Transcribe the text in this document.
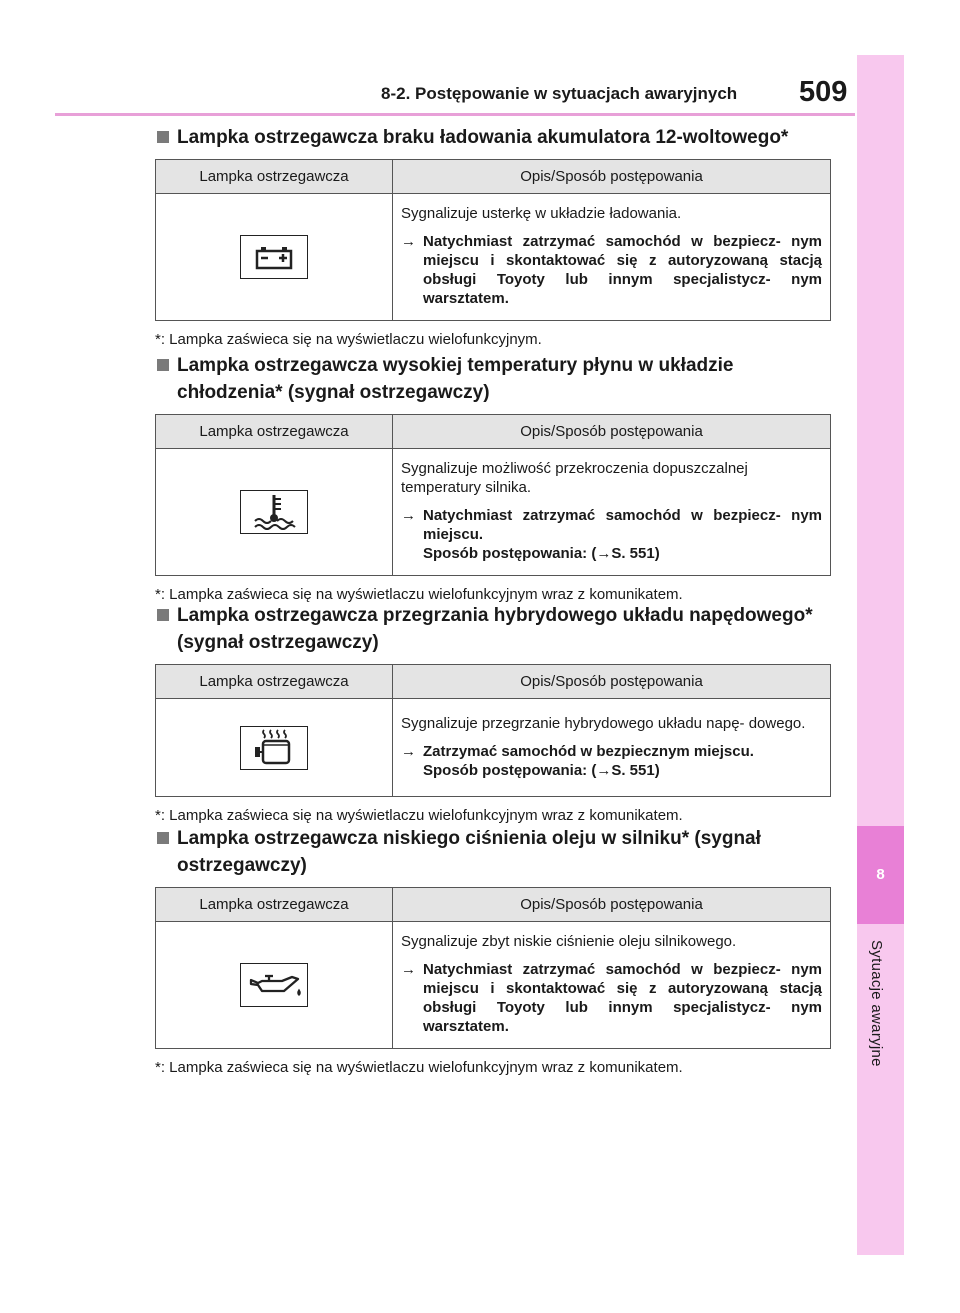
8-2. Postępowanie w sytuacjach awaryjnych 509
8
Sytuacje awaryjne
Lampka ostrzegawcza braku ładowania akumulatora 12-woltowego*
Lampka ostrzegawcza	Opis/Sposób postępowania

Sygnalizuje usterkę w układzie ładowania.
→ Natychmiast zatrzymać samochód w bezpiecz- nym miejscu i skontaktować się z autoryzowaną stacją obsługi Toyoty lub innym specjalistycz- nym warsztatem.
*: Lampka zaświeca się na wyświetlaczu wielofunkcyjnym.
Lampka ostrzegawcza wysokiej temperatury płynu w układzie chłodzenia* (sygnał ostrzegawczy)
Lampka ostrzegawcza	Opis/Sposób postępowania

Sygnalizuje możliwość przekroczenia dopuszczalnej temperatury silnika.
→ Natychmiast zatrzymać samochód w bezpiecz- nym miejscu.
Sposób postępowania: (→S. 551)
*: Lampka zaświeca się na wyświetlaczu wielofunkcyjnym wraz z komunikatem.
Lampka ostrzegawcza przegrzania hybrydowego układu napędowego* (sygnał ostrzegawczy)
Lampka ostrzegawcza	Opis/Sposób postępowania

Sygnalizuje przegrzanie hybrydowego układu napę- dowego.
→ Zatrzymać samochód w bezpiecznym miejscu.
Sposób postępowania: (→S. 551)
*: Lampka zaświeca się na wyświetlaczu wielofunkcyjnym wraz z komunikatem.
Lampka ostrzegawcza niskiego ciśnienia oleju w silniku* (sygnał ostrzegawczy)
Lampka ostrzegawcza	Opis/Sposób postępowania

Sygnalizuje zbyt niskie ciśnienie oleju silnikowego.
→ Natychmiast zatrzymać samochód w bezpiecz- nym miejscu i skontaktować się z autoryzowaną stacją obsługi Toyoty lub innym specjalistycz- nym warsztatem.
*: Lampka zaświeca się na wyświetlaczu wielofunkcyjnym wraz z komunikatem.
